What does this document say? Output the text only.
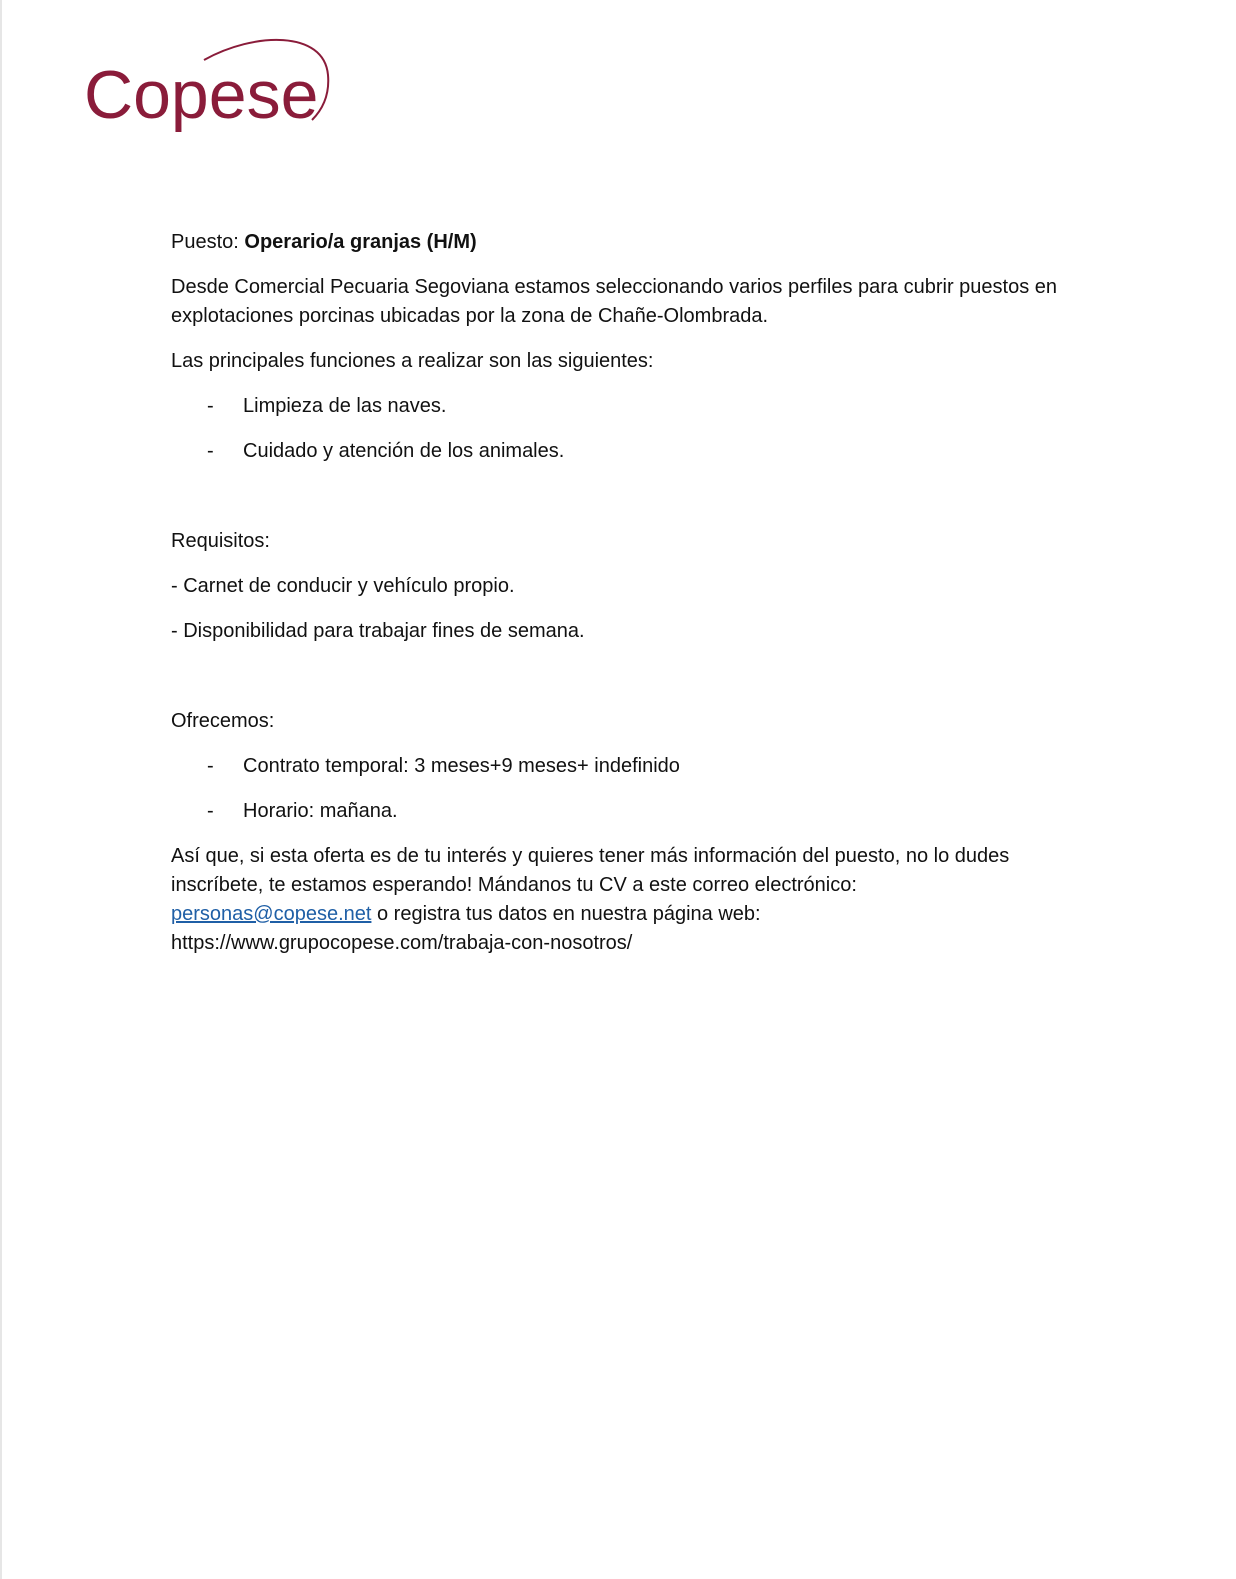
Copese

Puesto: Operario/a granjas (H/M)

Desde Comercial Pecuaria Segoviana estamos seleccionando varios perfiles para cubrir puestos en explotaciones porcinas ubicadas por la zona de Chañe-Olombrada.

Las principales funciones a realizar son las siguientes:

- Limpieza de las naves.
- Cuidado y atención de los animales.

Requisitos:

- Carnet de conducir y vehículo propio.

- Disponibilidad para trabajar fines de semana.

Ofrecemos:

- Contrato temporal: 3 meses+9 meses+ indefinido
- Horario: mañana.

Así que, si esta oferta es de tu interés y quieres tener más información del puesto, no lo dudes inscríbete, te estamos esperando! Mándanos tu CV a este correo electrónico:
personas@copese.net o registra tus datos en nuestra página web:
https://www.grupocopese.com/trabaja-con-nosotros/
